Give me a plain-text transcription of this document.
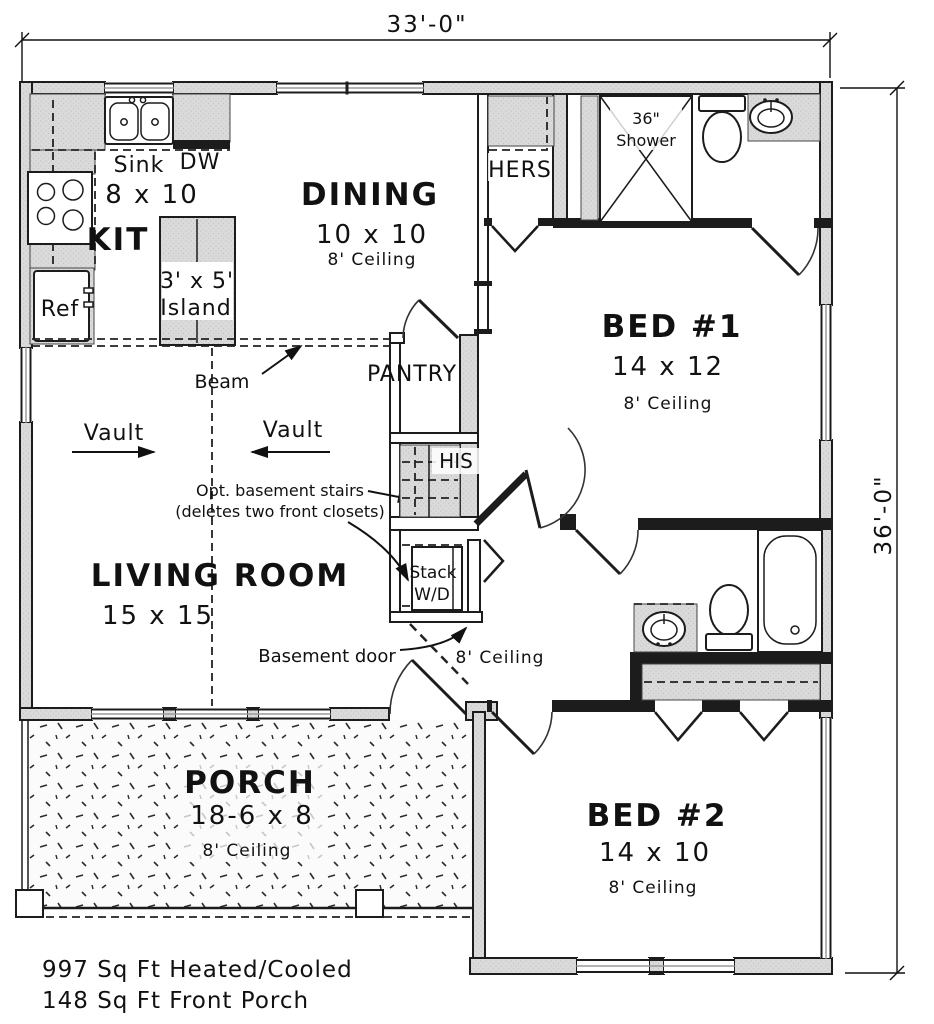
33'-0"
36'-0"
Sink DW
8 x 10
KIT
Ref
3' x 5'
Island
DINING
10 x 10
8' Ceiling
Beam
Vault	Vault
Opt. basement stairs
(deletes two front closets)
Basement door
PANTRY
HIS
Stack
W/D
HERS
36"
Shower
BED #1
14 x 12
8' Ceiling
8' Ceiling
BED #2
14 x 10
8' Ceiling
LIVING ROOM
15 x 15
PORCH
18-6 x 8
8' Ceiling
997 Sq Ft Heated/Cooled
148 Sq Ft Front Porch
